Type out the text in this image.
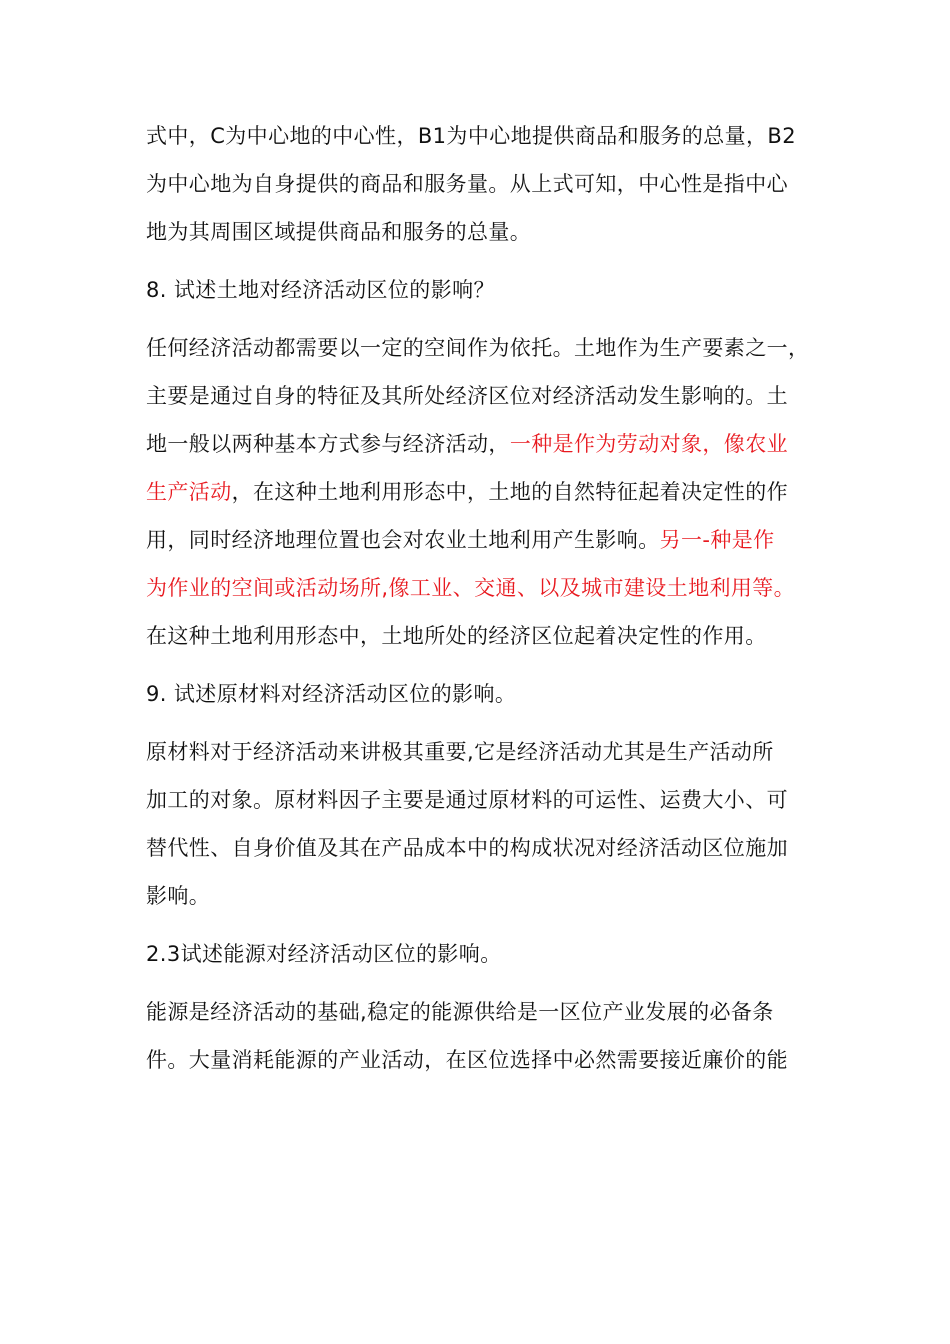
式中，C为中心地的中心性，B1为中心地提供商品和服务的总量，B2
为中心地为自身提供的商品和服务量。从上式可知，中心性是指中心
地为其周围区域提供商品和服务的总量。
8. 试述土地对经济活动区位的影响？
任何经济活动都需要以一定的空间作为依托。土地作为生产要素之一，
主要是通过自身的特征及其所处经济区位对经济活动发生影响的。土
地一般以两种基本方式参与经济活动，一种是作为劳动对象，像农业
生产活动，在这种土地利用形态中，土地的自然特征起着决定性的作
用，同时经济地理位置也会对农业土地利用产生影响。另一-种是作
为作业的空间或活动场所,像工业、交通、以及城市建设土地利用等。
在这种土地利用形态中，土地所处的经济区位起着决定性的作用。
9. 试述原材料对经济活动区位的影响。
原材料对于经济活动来讲极其重要,它是经济活动尤其是生产活动所
加工的对象。原材料因子主要是通过原材料的可运性、运费大小、可
替代性、自身价值及其在产品成本中的构成状况对经济活动区位施加
影响。
2.3试述能源对经济活动区位的影响。
能源是经济活动的基础,稳定的能源供给是一区位产业发展的必备条
件。大量消耗能源的产业活动，在区位选择中必然需要接近廉价的能
